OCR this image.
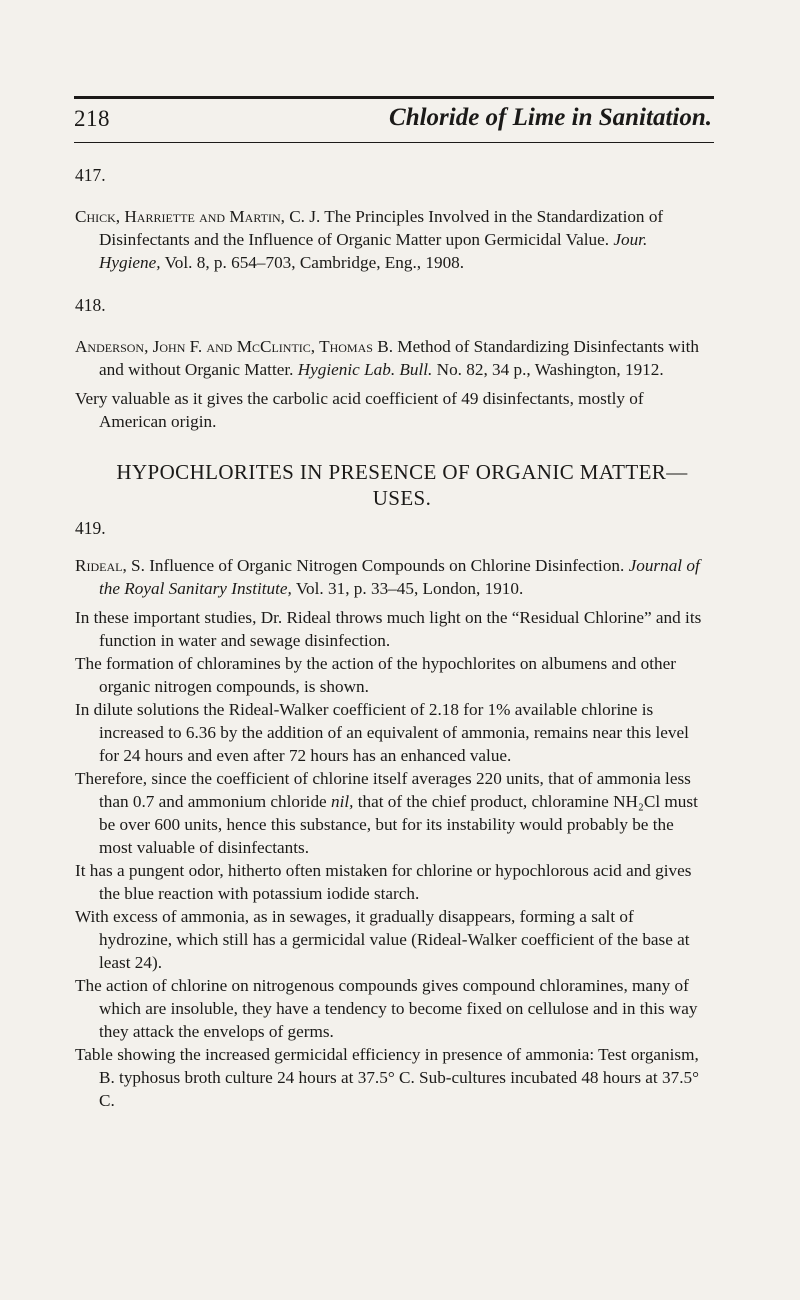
218	Chloride of Lime in Sanitation.
417.

Chick, Harriette and Martin, C. J. The Principles Involved in the Standardization of Disinfectants and the Influence of Organic Matter upon Germicidal Value. Jour. Hygiene, Vol. 8, p. 654–703, Cambridge, Eng., 1908.

418.

Anderson, John F. and McClintic, Thomas B. Method of Standardizing Disinfectants with and without Organic Matter. Hygienic Lab. Bull. No. 82, 34 p., Washington, 1912.

Very valuable as it gives the carbolic acid coefficient of 49 disinfectants, mostly of American origin.

HYPOCHLORITES IN PRESENCE OF ORGANIC MATTER—USES.
419.

Rideal, S. Influence of Organic Nitrogen Compounds on Chlorine Disinfection. Journal of the Royal Sanitary Institute, Vol. 31, p. 33–45, London, 1910.

In these important studies, Dr. Rideal throws much light on the “Residual Chlorine” and its function in water and sewage disinfection.

The formation of chloramines by the action of the hypochlorites on albumens and other organic nitrogen compounds, is shown.

In dilute solutions the Rideal-Walker coefficient of 2.18 for 1% available chlorine is increased to 6.36 by the addition of an equivalent of ammonia, remains near this level for 24 hours and even after 72 hours has an enhanced value.

Therefore, since the coefficient of chlorine itself averages 220 units, that of ammonia less than 0.7 and ammonium chloride nil, that of the chief product, chloramine NH₂Cl must be over 600 units, hence this substance, but for its instability would probably be the most valuable of disinfectants.

It has a pungent odor, hitherto often mistaken for chlorine or hypochlorous acid and gives the blue reaction with potassium iodide starch.

With excess of ammonia, as in sewages, it gradually disappears, forming a salt of hydrozine, which still has a germicidal value (Rideal-Walker coefficient of the base at least 24).

The action of chlorine on nitrogenous compounds gives compound chloramines, many of which are insoluble, they have a tendency to become fixed on cellulose and in this way they attack the envelops of germs.

Table showing the increased germicidal efficiency in presence of ammonia: Test organism, B. typhosus broth culture 24 hours at 37.5° C. Sub-cultures incubated 48 hours at 37.5° C.
